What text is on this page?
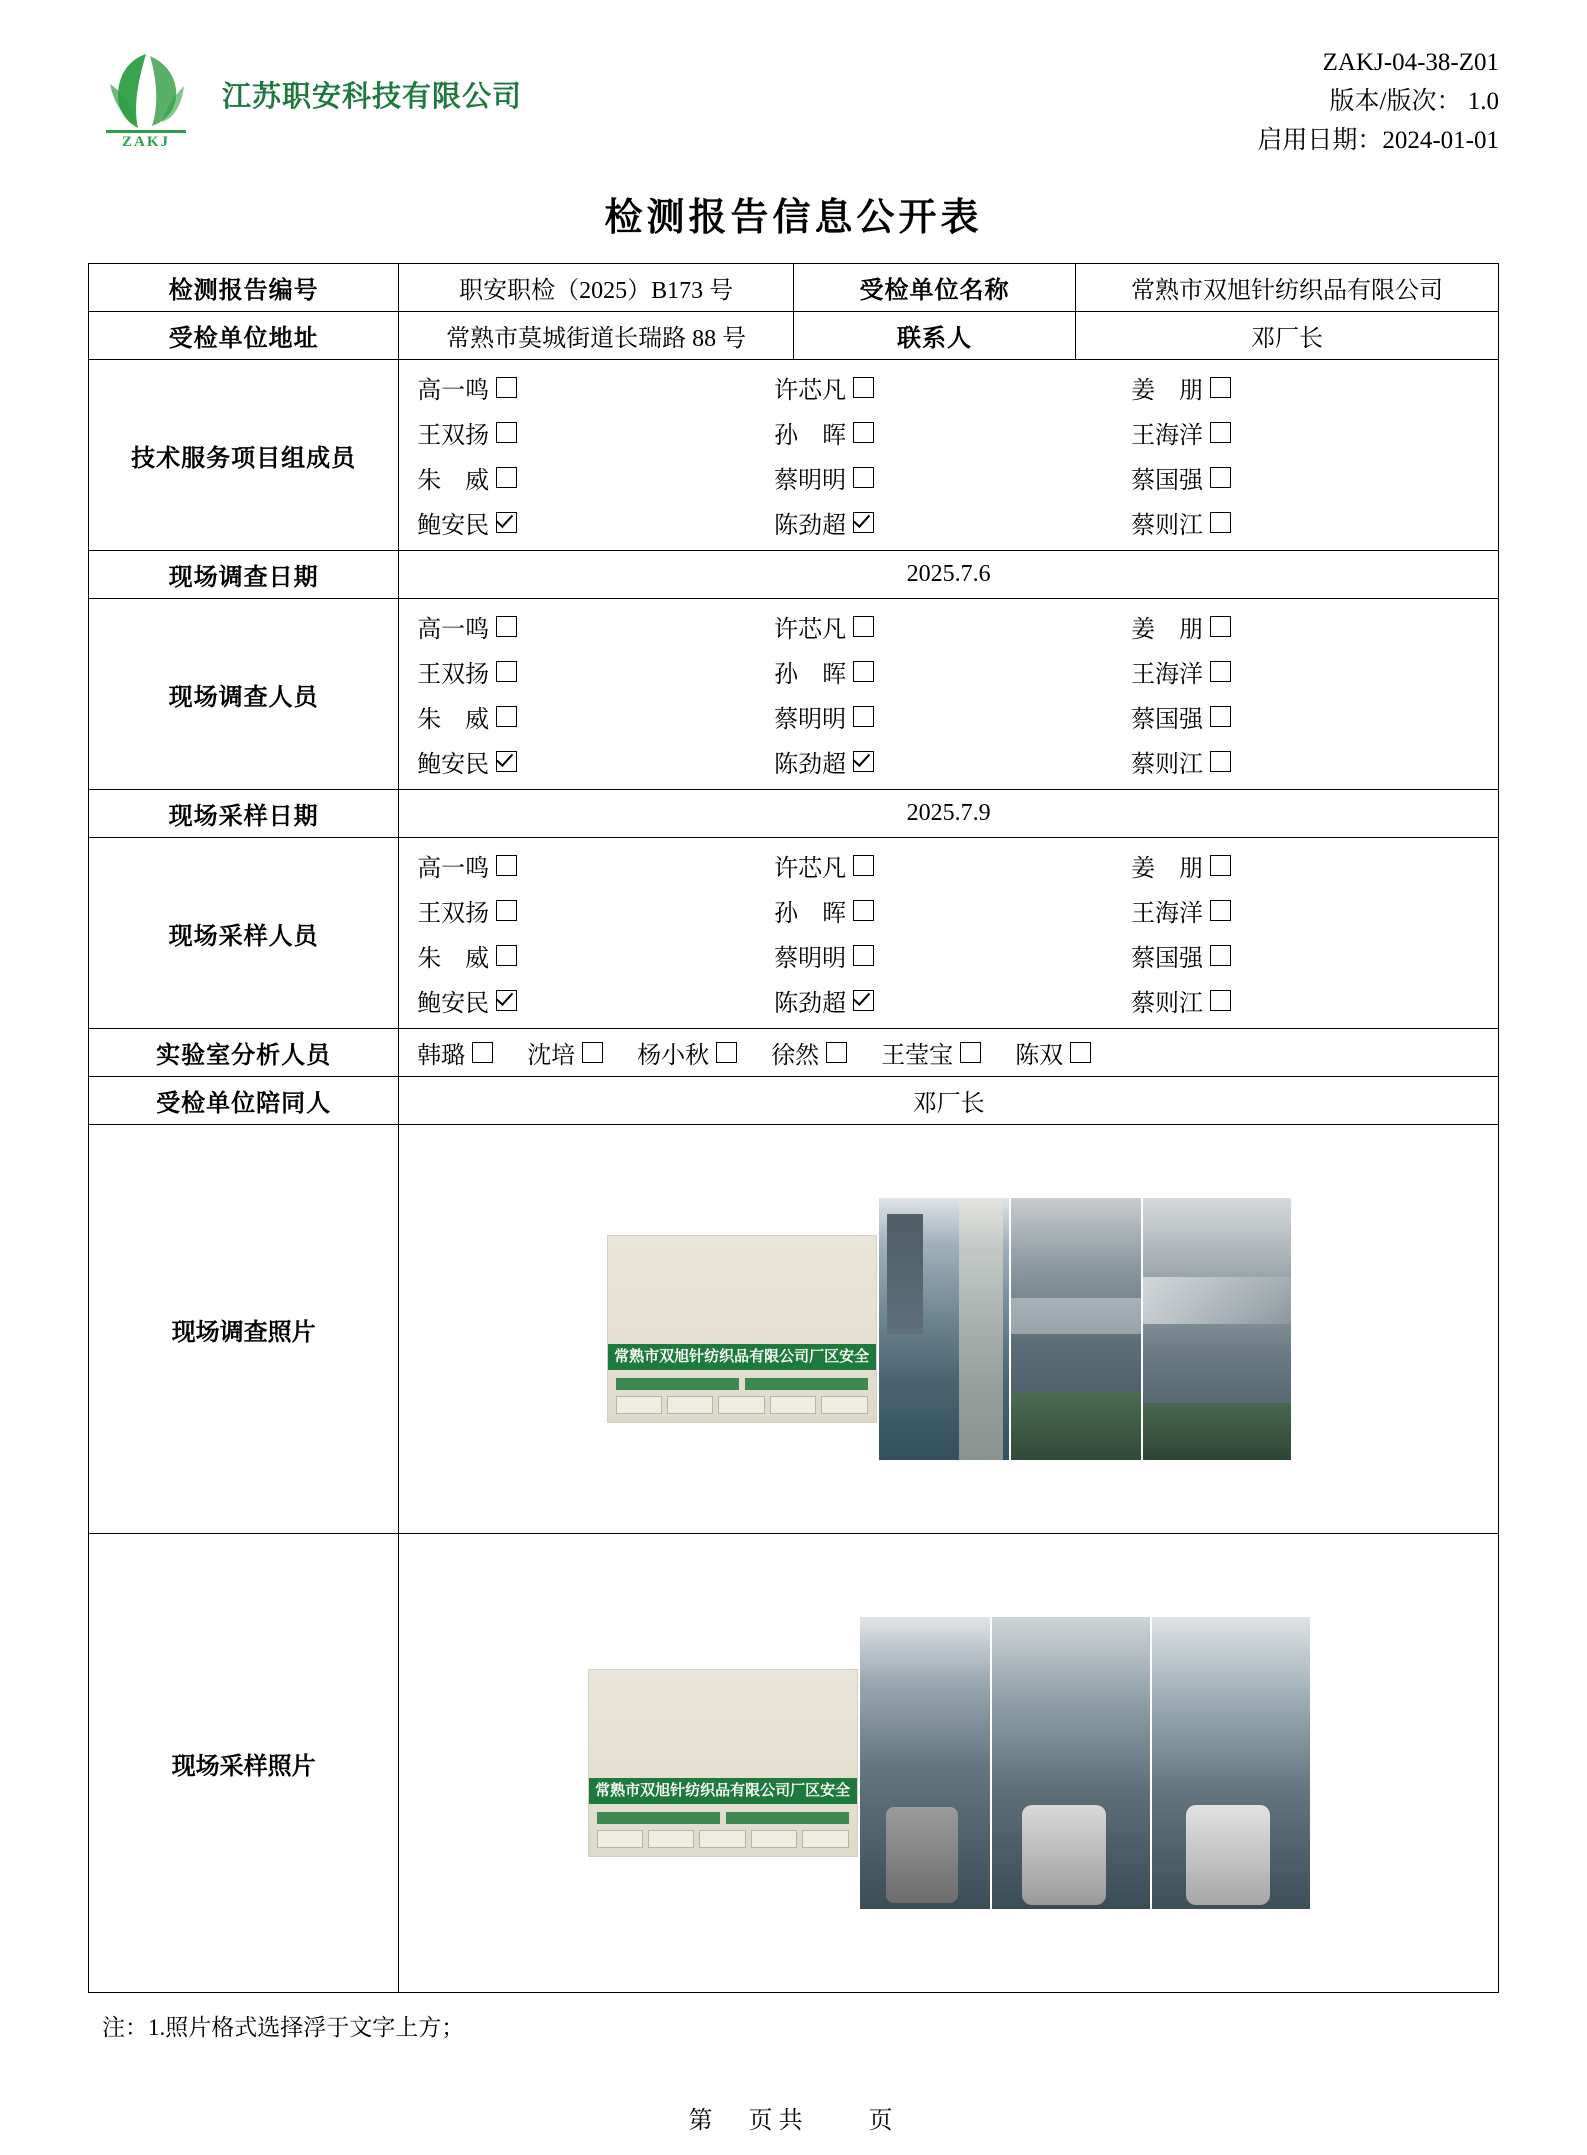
ZAKJ
江苏职安科技有限公司
ZAKJ-04-38-Z01
版本/版次： 1.0
启用日期：2024-01-01
检测报告信息公开表
检测报告编号	职安职检（2025）B173 号	受检单位名称	常熟市双旭针纺织品有限公司
受检单位地址	常熟市莫城街道长瑞路 88 号	联系人	邓厂长
技术服务项目组成员	
高一鸣	许芯凡	姜　朋
王双扬	孙　晖	王海洋
朱　威	蔡明明	蔡国强
鲍安民	陈劲超	蔡则江

现场调查日期	2025.7.6		
现场调查人员	
高一鸣	许芯凡	姜　朋
王双扬	孙　晖	王海洋
朱　威	蔡明明	蔡国强
鲍安民	陈劲超	蔡则江

现场采样日期	2025.7.9		
现场采样人员	
高一鸣	许芯凡	姜　朋
王双扬	孙　晖	王海洋
朱　威	蔡明明	蔡国强
鲍安民	陈劲超	蔡则江

实验室分析人员	韩璐	沈培	杨小秋	徐然	王莹宝	陈双

受检单位陪同人	邓厂长		
现场调查照片	常熟市双旭针纺织品有限公司厂区安全		

现场采样照片	常熟市双旭针纺织品有限公司厂区安全		
注：1.照片格式选择浮于文字上方；
第　页共　　页
